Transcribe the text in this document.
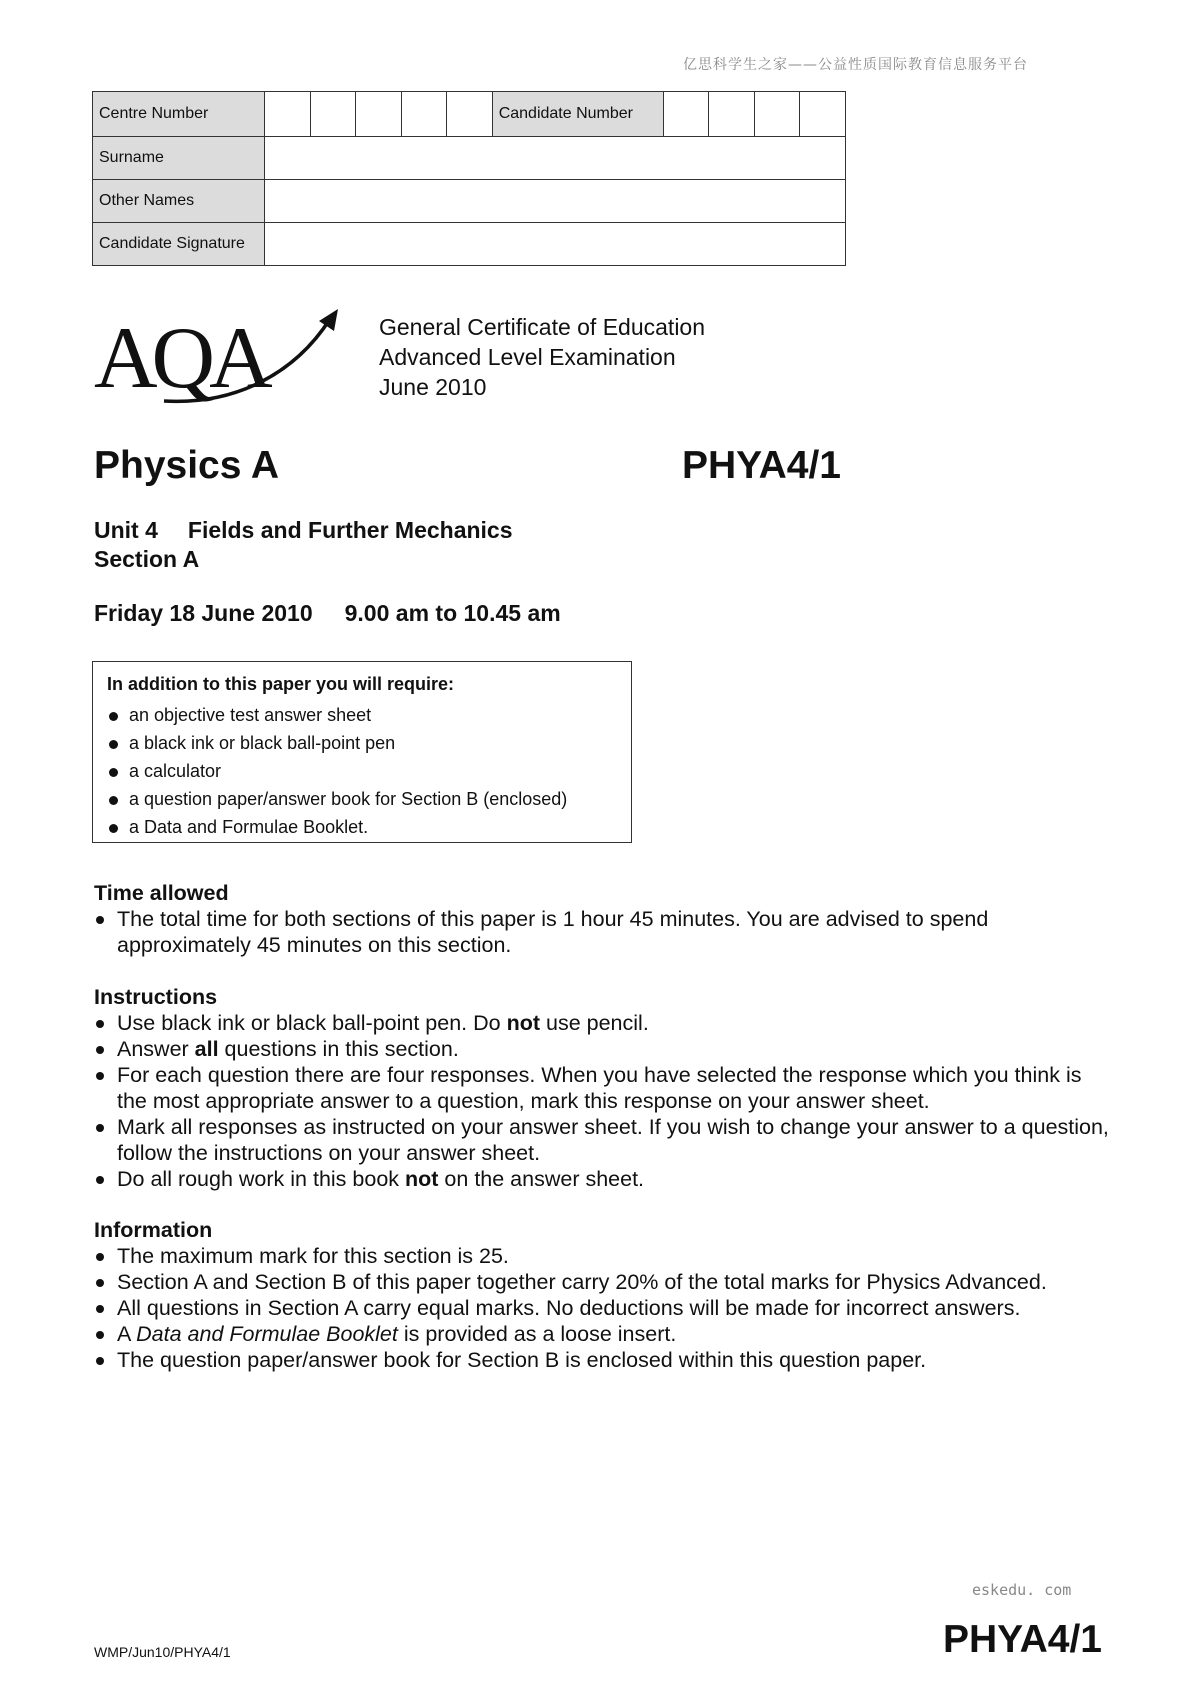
亿思科学生之家——公益性质国际教育信息服务平台
Centre Number						Candidate Number				
Surname										
Other Names										
Candidate Signature										
AQA	General Certificate of Education
Advanced Level Examination
June 2010
Physics A	PHYA4/1
Unit 4 Fields and Further Mechanics
Section A
Friday 18 June 2010 9.00 am to 10.45 am
In addition to this paper you will require:
an objective test answer sheet
a black ink or black ball-point pen
a calculator
a question paper/answer book for Section B (enclosed)
a Data and Formulae Booklet.
Time allowed
The total time for both sections of this paper is 1 hour 45 minutes. You are advised to spend approximately 45 minutes on this section.
Instructions
Use black ink or black ball-point pen. Do not use pencil.
Answer all questions in this section.
For each question there are four responses. When you have selected the response which you think is the most appropriate answer to a question, mark this response on your answer sheet.
Mark all responses as instructed on your answer sheet. If you wish to change your answer to a question, follow the instructions on your answer sheet.
Do all rough work in this book not on the answer sheet.
Information
The maximum mark for this section is 25.
Section A and Section B of this paper together carry 20% of the total marks for Physics Advanced.
All questions in Section A carry equal marks. No deductions will be made for incorrect answers.
A Data and Formulae Booklet is provided as a loose insert.
The question paper/answer book for Section B is enclosed within this question paper.
eskedu. com
WMP/Jun10/PHYA4/1	PHYA4/1
